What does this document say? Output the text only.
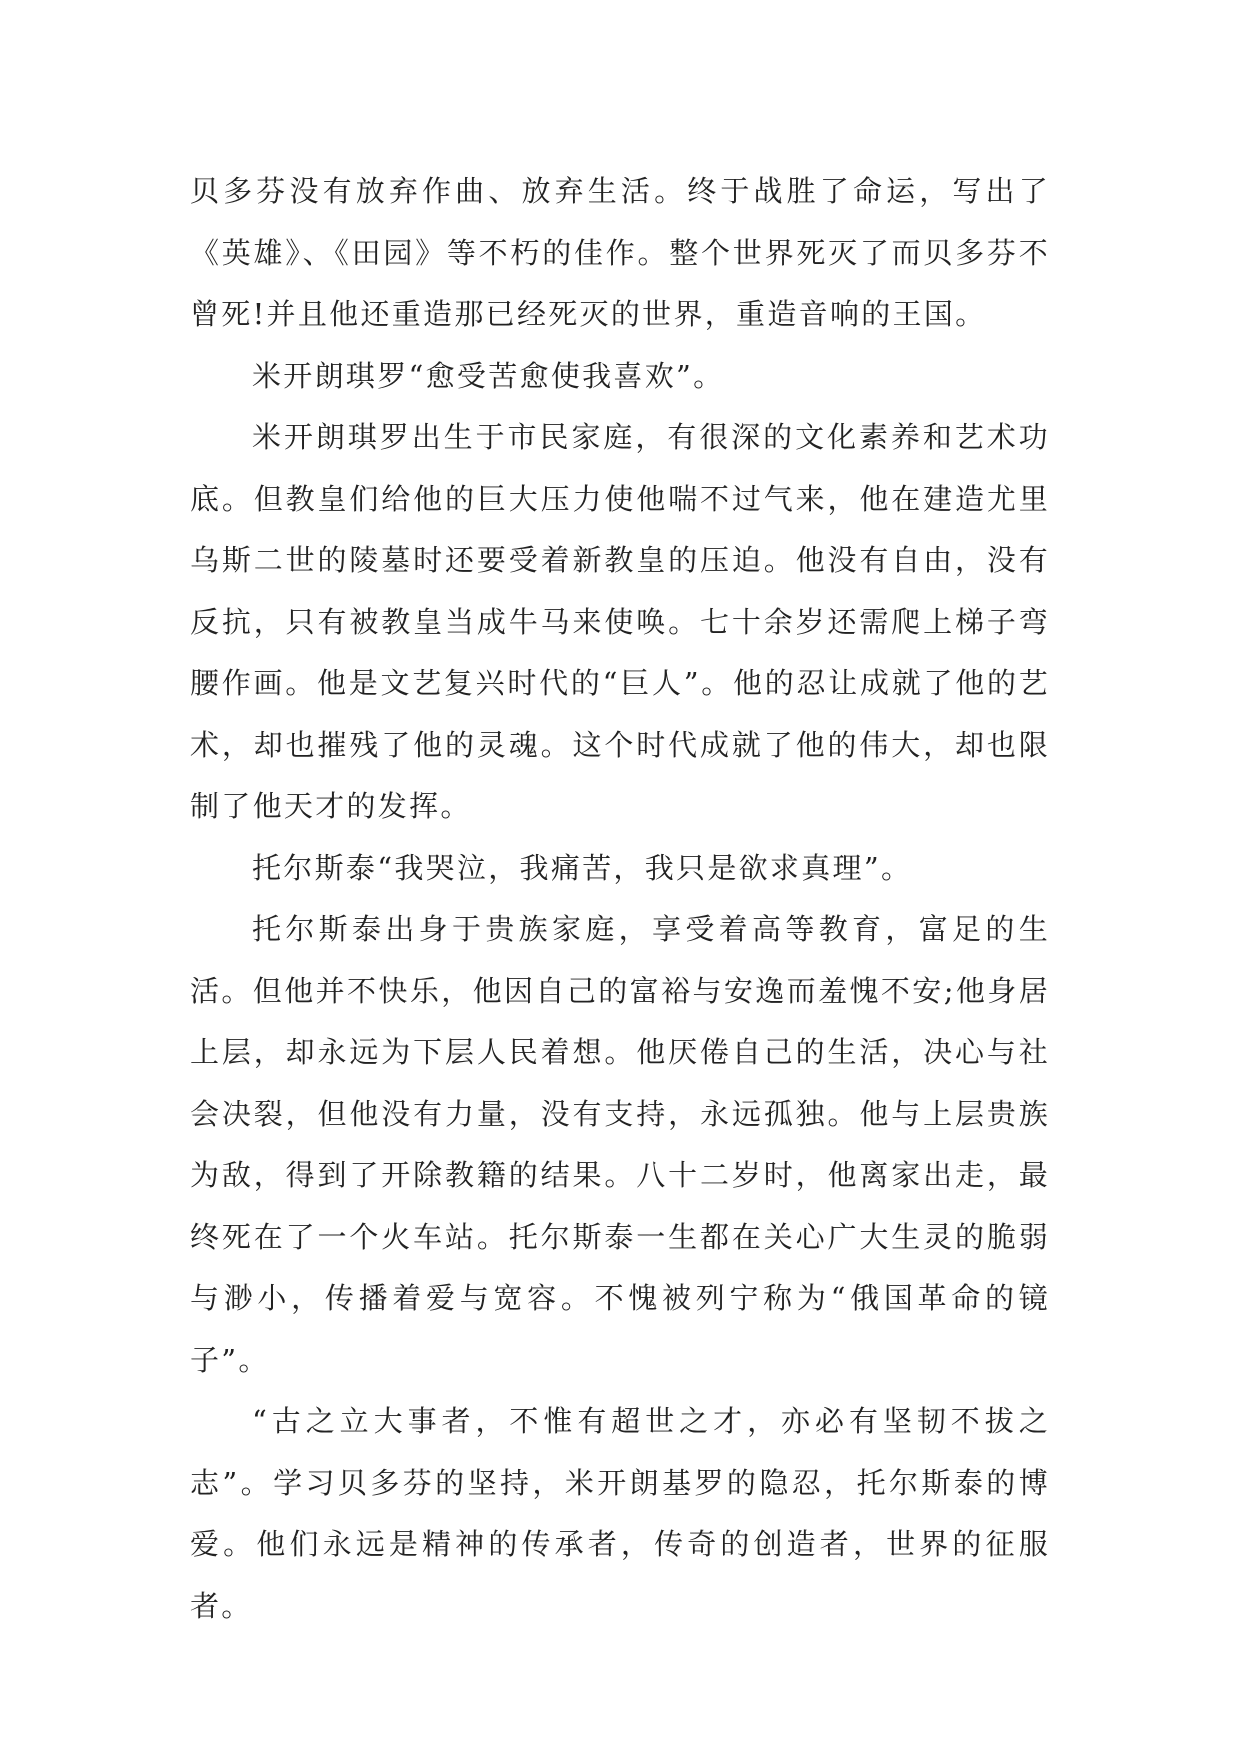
贝多芬没有放弃作曲、放弃生活。终于战胜了命运，写出了《英雄》、《田园》等不朽的佳作。整个世界死灭了而贝多芬不曾死!并且他还重造那已经死灭的世界，重造音响的王国。

米开朗琪罗“愈受苦愈使我喜欢”。

米开朗琪罗出生于市民家庭，有很深的文化素养和艺术功底。但教皇们给他的巨大压力使他喘不过气来，他在建造尤里乌斯二世的陵墓时还要受着新教皇的压迫。他没有自由，没有反抗，只有被教皇当成牛马来使唤。七十余岁还需爬上梯子弯腰作画。他是文艺复兴时代的“巨人”。他的忍让成就了他的艺术，却也摧残了他的灵魂。这个时代成就了他的伟大，却也限制了他天才的发挥。

托尔斯泰“我哭泣，我痛苦，我只是欲求真理”。

托尔斯泰出身于贵族家庭，享受着高等教育，富足的生活。但他并不快乐，他因自己的富裕与安逸而羞愧不安;他身居上层，却永远为下层人民着想。他厌倦自己的生活，决心与社会决裂，但他没有力量，没有支持，永远孤独。他与上层贵族为敌，得到了开除教籍的结果。八十二岁时，他离家出走，最终死在了一个火车站。托尔斯泰一生都在关心广大生灵的脆弱与渺小，传播着爱与宽容。不愧被列宁称为“俄国革命的镜子”。

“古之立大事者，不惟有超世之才，亦必有坚韧不拔之志”。学习贝多芬的坚持，米开朗基罗的隐忍，托尔斯泰的博爱。他们永远是精神的传承者，传奇的创造者，世界的征服者。
